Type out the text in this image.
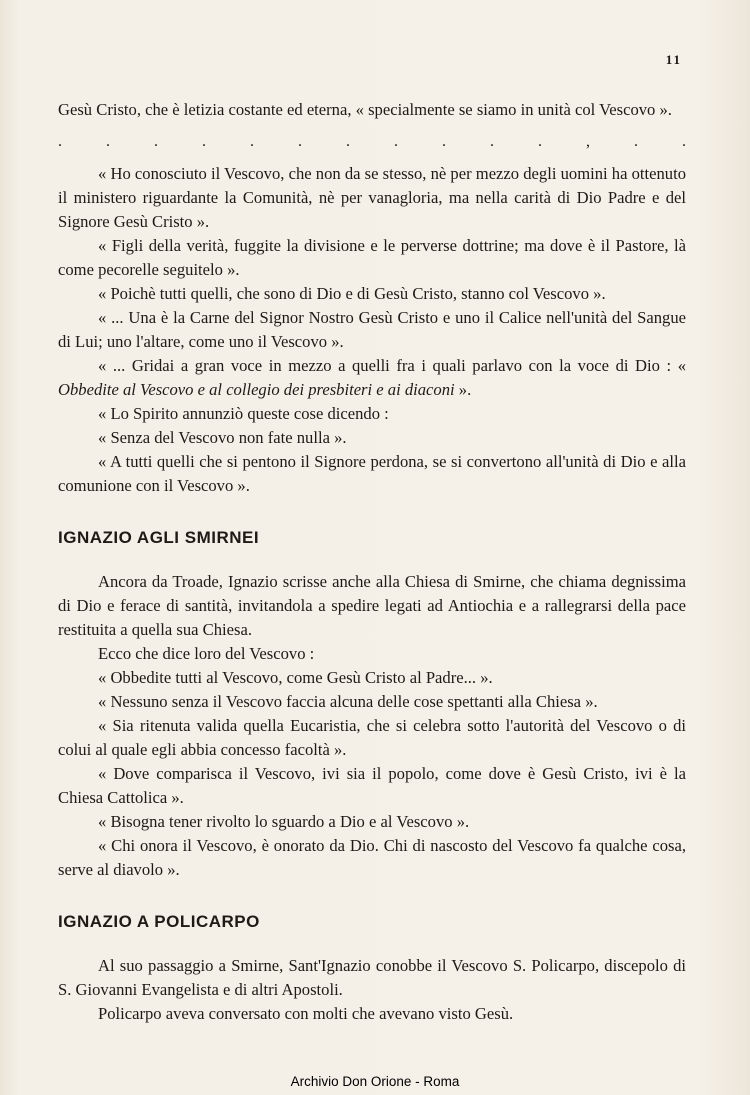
11

Gesù Cristo, che è letizia costante ed eterna, « specialmente se siamo in unità col Vescovo ».

.	.	.	.	.	.	.	.	.	.	.	,	.	.

« Ho conosciuto il Vescovo, che non da se stesso, nè per mezzo degli uomini ha ottenuto il ministero riguardante la Comunità, nè per vanagloria, ma nella carità di Dio Padre e del Signore Gesù Cristo ».

« Figli della verità, fuggite la divisione e le perverse dottrine; ma dove è il Pastore, là come pecorelle seguitelo ».

« Poichè tutti quelli, che sono di Dio e di Gesù Cristo, stanno col Vescovo ».

« ... Una è la Carne del Signor Nostro Gesù Cristo e uno il Calice nell'unità del Sangue di Lui; uno l'altare, come uno il Vescovo ».

« ... Gridai a gran voce in mezzo a quelli fra i quali parlavo con la voce di Dio : « Obbedite al Vescovo e al collegio dei presbiteri e ai diaconi ».

« Lo Spirito annunziò queste cose dicendo :

« Senza del Vescovo non fate nulla ».

« A tutti quelli che si pentono il Signore perdona, se si convertono all'unità di Dio e alla comunione con il Vescovo ».

IGNAZIO AGLI SMIRNEI

Ancora da Troade, Ignazio scrisse anche alla Chiesa di Smirne, che chiama degnissima di Dio e ferace di santità, invitandola a spedire legati ad Antiochia e a rallegrarsi della pace restituita a quella sua Chiesa.

Ecco che dice loro del Vescovo :

« Obbedite tutti al Vescovo, come Gesù Cristo al Padre... ».

« Nessuno senza il Vescovo faccia alcuna delle cose spettanti alla Chiesa ».

« Sia ritenuta valida quella Eucaristia, che si celebra sotto l'autorità del Vescovo o di colui al quale egli abbia concesso facoltà ».

« Dove comparisca il Vescovo, ivi sia il popolo, come dove è Gesù Cristo, ivi è la Chiesa Cattolica ».

« Bisogna tener rivolto lo sguardo a Dio e al Vescovo ».

« Chi onora il Vescovo, è onorato da Dio. Chi di nascosto del Vescovo fa qualche cosa, serve al diavolo ».

IGNAZIO A POLICARPO

Al suo passaggio a Smirne, Sant'Ignazio conobbe il Vescovo S. Policarpo, discepolo di S. Giovanni Evangelista e di altri Apostoli.

Policarpo aveva conversato con molti che avevano visto Gesù.

Archivio Don Orione - Roma
